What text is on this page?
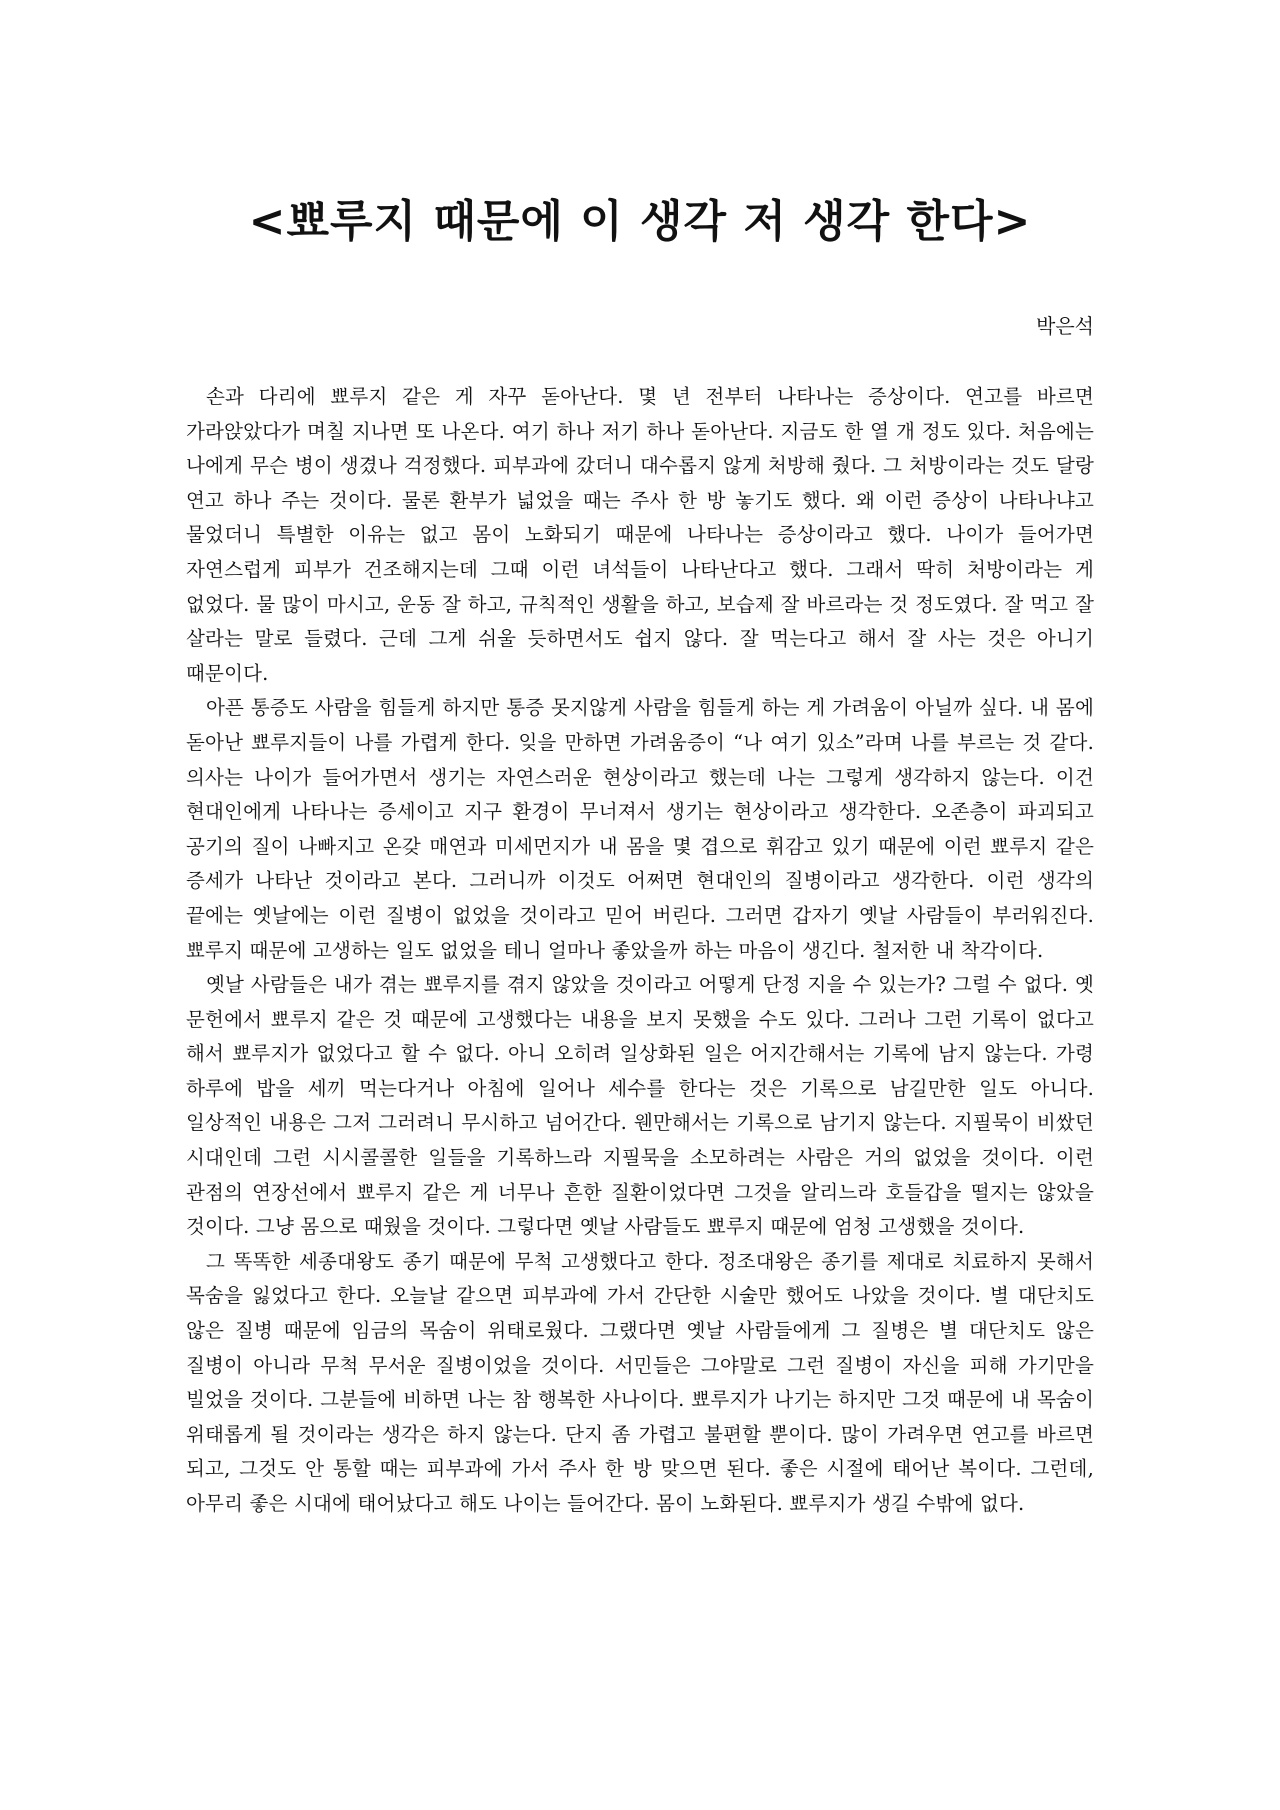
<뾰루지 때문에 이 생각 저 생각 한다>
박은석

손과 다리에 뾰루지 같은 게 자꾸 돋아난다. 몇 년 전부터 나타나는 증상이다. 연고를 바르면 가라앉았다가 며칠 지나면 또 나온다. 여기 하나 저기 하나 돋아난다. 지금도 한 열 개 정도 있다. 처음에는 나에게 무슨 병이 생겼나 걱정했다. 피부과에 갔더니 대수롭지 않게 처방해 줬다. 그 처방이라는 것도 달랑 연고 하나 주는 것이다. 물론 환부가 넓었을 때는 주사 한 방 놓기도 했다. 왜 이런 증상이 나타나냐고 물었더니 특별한 이유는 없고 몸이 노화되기 때문에 나타나는 증상이라고 했다. 나이가 들어가면 자연스럽게 피부가 건조해지는데 그때 이런 녀석들이 나타난다고 했다. 그래서 딱히 처방이라는 게 없었다. 물 많이 마시고, 운동 잘 하고, 규칙적인 생활을 하고, 보습제 잘 바르라는 것 정도였다. 잘 먹고 잘 살라는 말로 들렸다. 근데 그게 쉬울 듯하면서도 쉽지 않다. 잘 먹는다고 해서 잘 사는 것은 아니기 때문이다.

아픈 통증도 사람을 힘들게 하지만 통증 못지않게 사람을 힘들게 하는 게 가려움이 아닐까 싶다. 내 몸에 돋아난 뾰루지들이 나를 가렵게 한다. 잊을 만하면 가려움증이 “나 여기 있소”라며 나를 부르는 것 같다. 의사는 나이가 들어가면서 생기는 자연스러운 현상이라고 했는데 나는 그렇게 생각하지 않는다. 이건 현대인에게 나타나는 증세이고 지구 환경이 무너져서 생기는 현상이라고 생각한다. 오존층이 파괴되고 공기의 질이 나빠지고 온갖 매연과 미세먼지가 내 몸을 몇 겹으로 휘감고 있기 때문에 이런 뾰루지 같은 증세가 나타난 것이라고 본다. 그러니까 이것도 어쩌면 현대인의 질병이라고 생각한다. 이런 생각의 끝에는 옛날에는 이런 질병이 없었을 것이라고 믿어 버린다. 그러면 갑자기 옛날 사람들이 부러워진다. 뾰루지 때문에 고생하는 일도 없었을 테니 얼마나 좋았을까 하는 마음이 생긴다. 철저한 내 착각이다.

옛날 사람들은 내가 겪는 뾰루지를 겪지 않았을 것이라고 어떻게 단정 지을 수 있는가? 그럴 수 없다. 옛 문헌에서 뾰루지 같은 것 때문에 고생했다는 내용을 보지 못했을 수도 있다. 그러나 그런 기록이 없다고 해서 뾰루지가 없었다고 할 수 없다. 아니 오히려 일상화된 일은 어지간해서는 기록에 남지 않는다. 가령 하루에 밥을 세끼 먹는다거나 아침에 일어나 세수를 한다는 것은 기록으로 남길만한 일도 아니다. 일상적인 내용은 그저 그러려니 무시하고 넘어간다. 웬만해서는 기록으로 남기지 않는다. 지필묵이 비쌌던 시대인데 그런 시시콜콜한 일들을 기록하느라 지필묵을 소모하려는 사람은 거의 없었을 것이다. 이런 관점의 연장선에서 뾰루지 같은 게 너무나 흔한 질환이었다면 그것을 알리느라 호들갑을 떨지는 않았을 것이다. 그냥 몸으로 때웠을 것이다. 그렇다면 옛날 사람들도 뾰루지 때문에 엄청 고생했을 것이다.

그 똑똑한 세종대왕도 종기 때문에 무척 고생했다고 한다. 정조대왕은 종기를 제대로 치료하지 못해서 목숨을 잃었다고 한다. 오늘날 같으면 피부과에 가서 간단한 시술만 했어도 나았을 것이다. 별 대단치도 않은 질병 때문에 임금의 목숨이 위태로웠다. 그랬다면 옛날 사람들에게 그 질병은 별 대단치도 않은 질병이 아니라 무척 무서운 질병이었을 것이다. 서민들은 그야말로 그런 질병이 자신을 피해 가기만을 빌었을 것이다. 그분들에 비하면 나는 참 행복한 사나이다. 뾰루지가 나기는 하지만 그것 때문에 내 목숨이 위태롭게 될 것이라는 생각은 하지 않는다. 단지 좀 가렵고 불편할 뿐이다. 많이 가려우면 연고를 바르면 되고, 그것도 안 통할 때는 피부과에 가서 주사 한 방 맞으면 된다. 좋은 시절에 태어난 복이다. 그런데, 아무리 좋은 시대에 태어났다고 해도 나이는 들어간다. 몸이 노화된다. 뾰루지가 생길 수밖에 없다.
